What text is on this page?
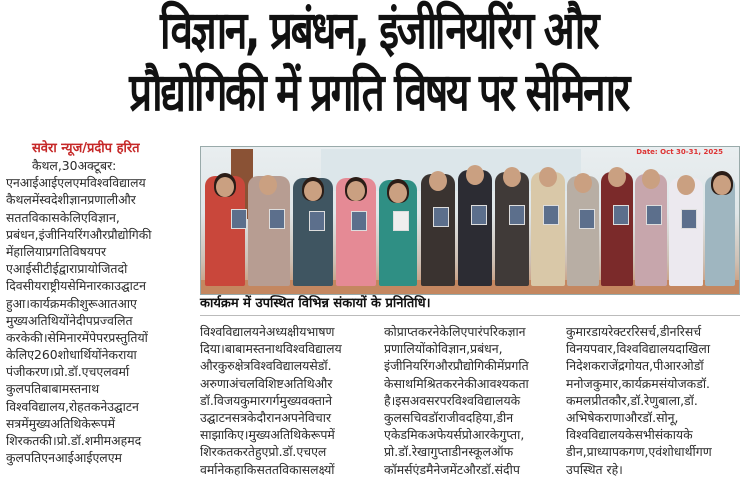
विज्ञान, प्रबंधन, इंजीनियरिंग और
प्रौद्योगिकी में प्रगति विषय पर सेमिनार
सवेरा न्यूज/प्रदीप हरित
कैथल,30अक्टूबर:
एनआईआईएलएमविश्वविद्यालय
कैथलमेंस्वदेशीज्ञानप्रणालीऔर
सततविकासकेलिएविज्ञान,
प्रबंधन,इंजीनियरिंगऔरप्रौद्योगिकी
मेंहालियाप्रगतिविषयपर
एआईसीटीईद्वाराप्रायोजितदो
दिवसीयराष्ट्रीयसेमिनारकाउद्घाटन
हुआ।कार्यक्रमकीशुरूआतआए
मुख्यअतिथियोंनेदीपप्रज्वलित
करकेकी।सेमिनारमेंपेपरप्रस्तुतियों
केलिए260शोधार्थियोंनेकराया
पंजीकरण।प्रो.डॉ.एचएलवर्मा
कुलपतिबाबामस्तनाथ
विश्वविद्यालय,रोहतकनेउद्घाटन
सत्रमेंमुख्यअतिथिकेरूपमें
शिरकतकी।प्रो.डॉ.शमीमअहमद
कुलपतिएनआईआईएलएम
Date: Oct 30-31, 2025
कार्यक्रम में उपस्थित विभिन्न संकायों के प्रनितिधि।
विश्वविद्यालयनेअध्यक्षीयभाषण
दिया।बाबामस्तनाथविश्वविद्यालय
औरकुरुक्षेत्रविश्वविद्यालयसेडॉ.
अरुणाअंचलविशिष्टअतिथिऔर
डॉ.विजयकुमारगर्गमुख्यवक्ताने
उद्घाटनसत्रकेदौरानअपनेविचार
साझाकिए।मुख्यअतिथिकेरूपमें
शिरकतकरतेहुएप्रो.डॉ.एचएल
वर्मानेकहाकिसततविकासलक्ष्यों
कोप्राप्तकरनेकेलिएपारंपरिकज्ञान
प्रणालियोंकोविज्ञान,प्रबंधन,
इंजीनियरिंगऔरप्रौद्योगिकीमेंप्रगति
केसाथमिश्रितकरनेकीआवश्यकता
है।इसअवसरपरविश्वविद्यालयके
कुलसचिवडॉराजीवदहिया,डीन
एकेडमिकअफेयर्सप्रोआरकेगुप्ता,
प्रो.डॉ.रेखागुप्ताडीनस्कूलऑफ
कॉमर्सएंडमैनेजमेंटऔरडॉ.संदीप
कुमारडायरेक्टररिसर्च,डीनरिसर्च
विनयपवार,विश्वविद्यालयदाखिला
निदेशकराजेंद्रगोयत,पीआरओडॉ
मनोजकुमार,कार्यक्रमसंयोजकडॉ.
कमलप्रीतकौर,डॉ.रेणुबाला,डॉ.
अभिषेकराणाऔरडॉ.सोनू,
विश्वविद्यालयकेसभीसंकायके
डीन,प्राध्यापकगण,एवंशोधार्थीगण
उपस्थित रहे।
